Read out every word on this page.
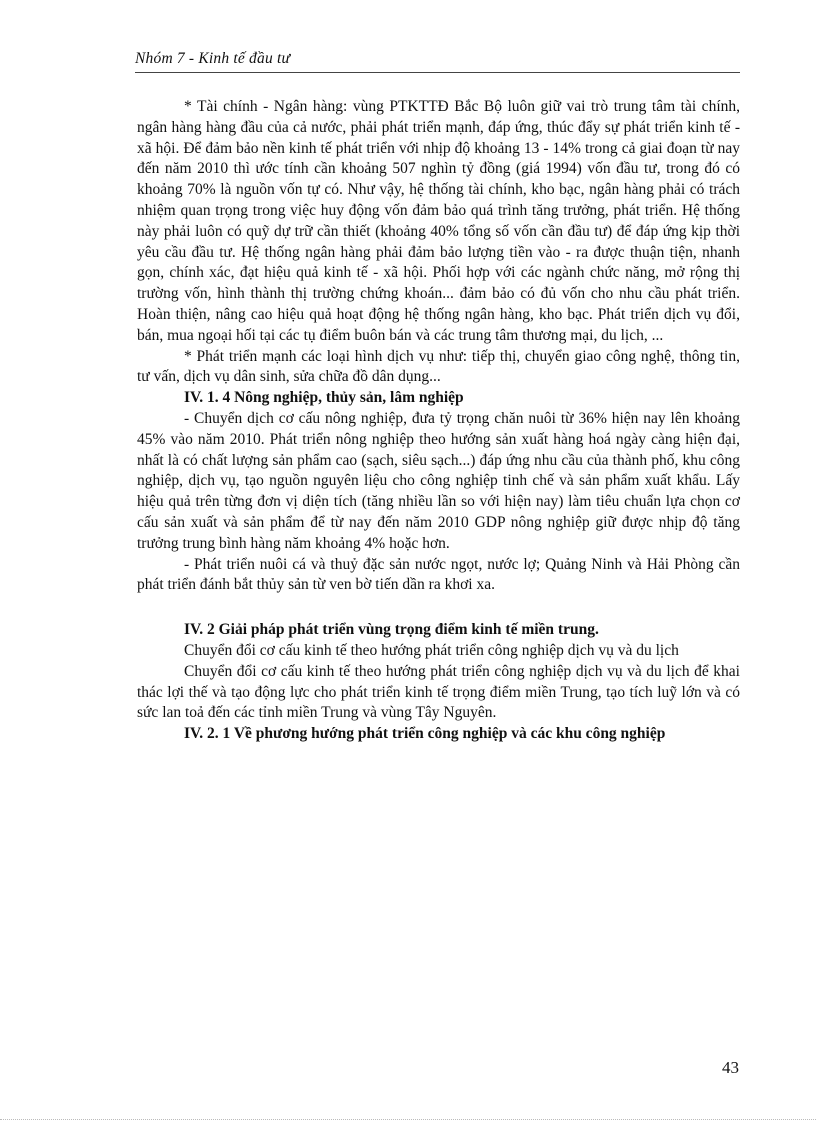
Nhóm 7 - Kinh tế đầu tư

* Tài chính - Ngân hàng: vùng PTKTTĐ Bắc Bộ luôn giữ vai trò trung tâm tài chính, ngân hàng hàng đầu của cả nước, phải phát triển mạnh, đáp ứng, thúc đẩy sự phát triển kinh tế - xã hội. Để đảm bảo nền kinh tế phát triển với nhịp độ khoảng 13 - 14% trong cả giai đoạn từ nay đến năm 2010 thì ước tính cần khoảng 507 nghìn tỷ đồng (giá 1994) vốn đầu tư, trong đó có khoảng 70% là nguồn vốn tự có. Như vậy, hệ thống tài chính, kho bạc, ngân hàng phải có trách nhiệm quan trọng trong việc huy động vốn đảm bảo quá trình tăng trưởng, phát triển. Hệ thống này phải luôn có quỹ dự trữ cần thiết (khoảng 40% tổng số vốn cần đầu tư) để đáp ứng kịp thời yêu cầu đầu tư. Hệ thống ngân hàng phải đảm bảo lượng tiền vào - ra được thuận tiện, nhanh gọn, chính xác, đạt hiệu quả kinh tế - xã hội. Phối hợp với các ngành chức năng, mở rộng thị trường vốn, hình thành thị trường chứng khoán... đảm bảo có đủ vốn cho nhu cầu phát triển. Hoàn thiện, nâng cao hiệu quả hoạt động hệ thống ngân hàng, kho bạc. Phát triển dịch vụ đổi, bán, mua ngoại hối tại các tụ điểm buôn bán và các trung tâm thương mại, du lịch, ...

* Phát triển mạnh các loại hình dịch vụ như: tiếp thị, chuyển giao công nghệ, thông tin, tư vấn, dịch vụ dân sinh, sửa chữa đồ dân dụng...

IV. 1. 4 Nông nghiệp, thủy sản, lâm nghiệp

- Chuyển dịch cơ cấu nông nghiệp, đưa tỷ trọng chăn nuôi từ 36% hiện nay lên khoảng 45% vào năm 2010. Phát triển nông nghiệp theo hướng sản xuất hàng hoá ngày càng hiện đại, nhất là có chất lượng sản phẩm cao (sạch, siêu sạch...) đáp ứng nhu cầu của thành phố, khu công nghiệp, dịch vụ, tạo nguồn nguyên liệu cho công nghiệp tinh chế và sản phẩm xuất khẩu. Lấy hiệu quả trên từng đơn vị diện tích (tăng nhiều lần so với hiện nay) làm tiêu chuẩn lựa chọn cơ cấu sản xuất và sản phẩm để từ nay đến năm 2010 GDP nông nghiệp giữ được nhịp độ tăng trưởng trung bình hàng năm khoảng 4% hoặc hơn.

- Phát triển nuôi cá và thuỷ đặc sản nước ngọt, nước lợ; Quảng Ninh và Hải Phòng cần phát triển đánh bắt thủy sản từ ven bờ tiến dần ra khơi xa.

IV. 2 Giải pháp phát triển vùng trọng điểm kinh tế miền trung.

Chuyển đổi cơ cấu kinh tế theo hướng phát triển công nghiệp dịch vụ và du lịch

Chuyển đổi cơ cấu kinh tế theo hướng phát triển công nghiệp dịch vụ và du lịch để khai thác lợi thế và tạo động lực cho phát triển kinh tế trọng điểm miền Trung, tạo tích luỹ lớn và có sức lan toả đến các tỉnh miền Trung và vùng Tây Nguyên.

IV. 2. 1 Về phương hướng phát triển công nghiệp và các khu công nghiệp

43
